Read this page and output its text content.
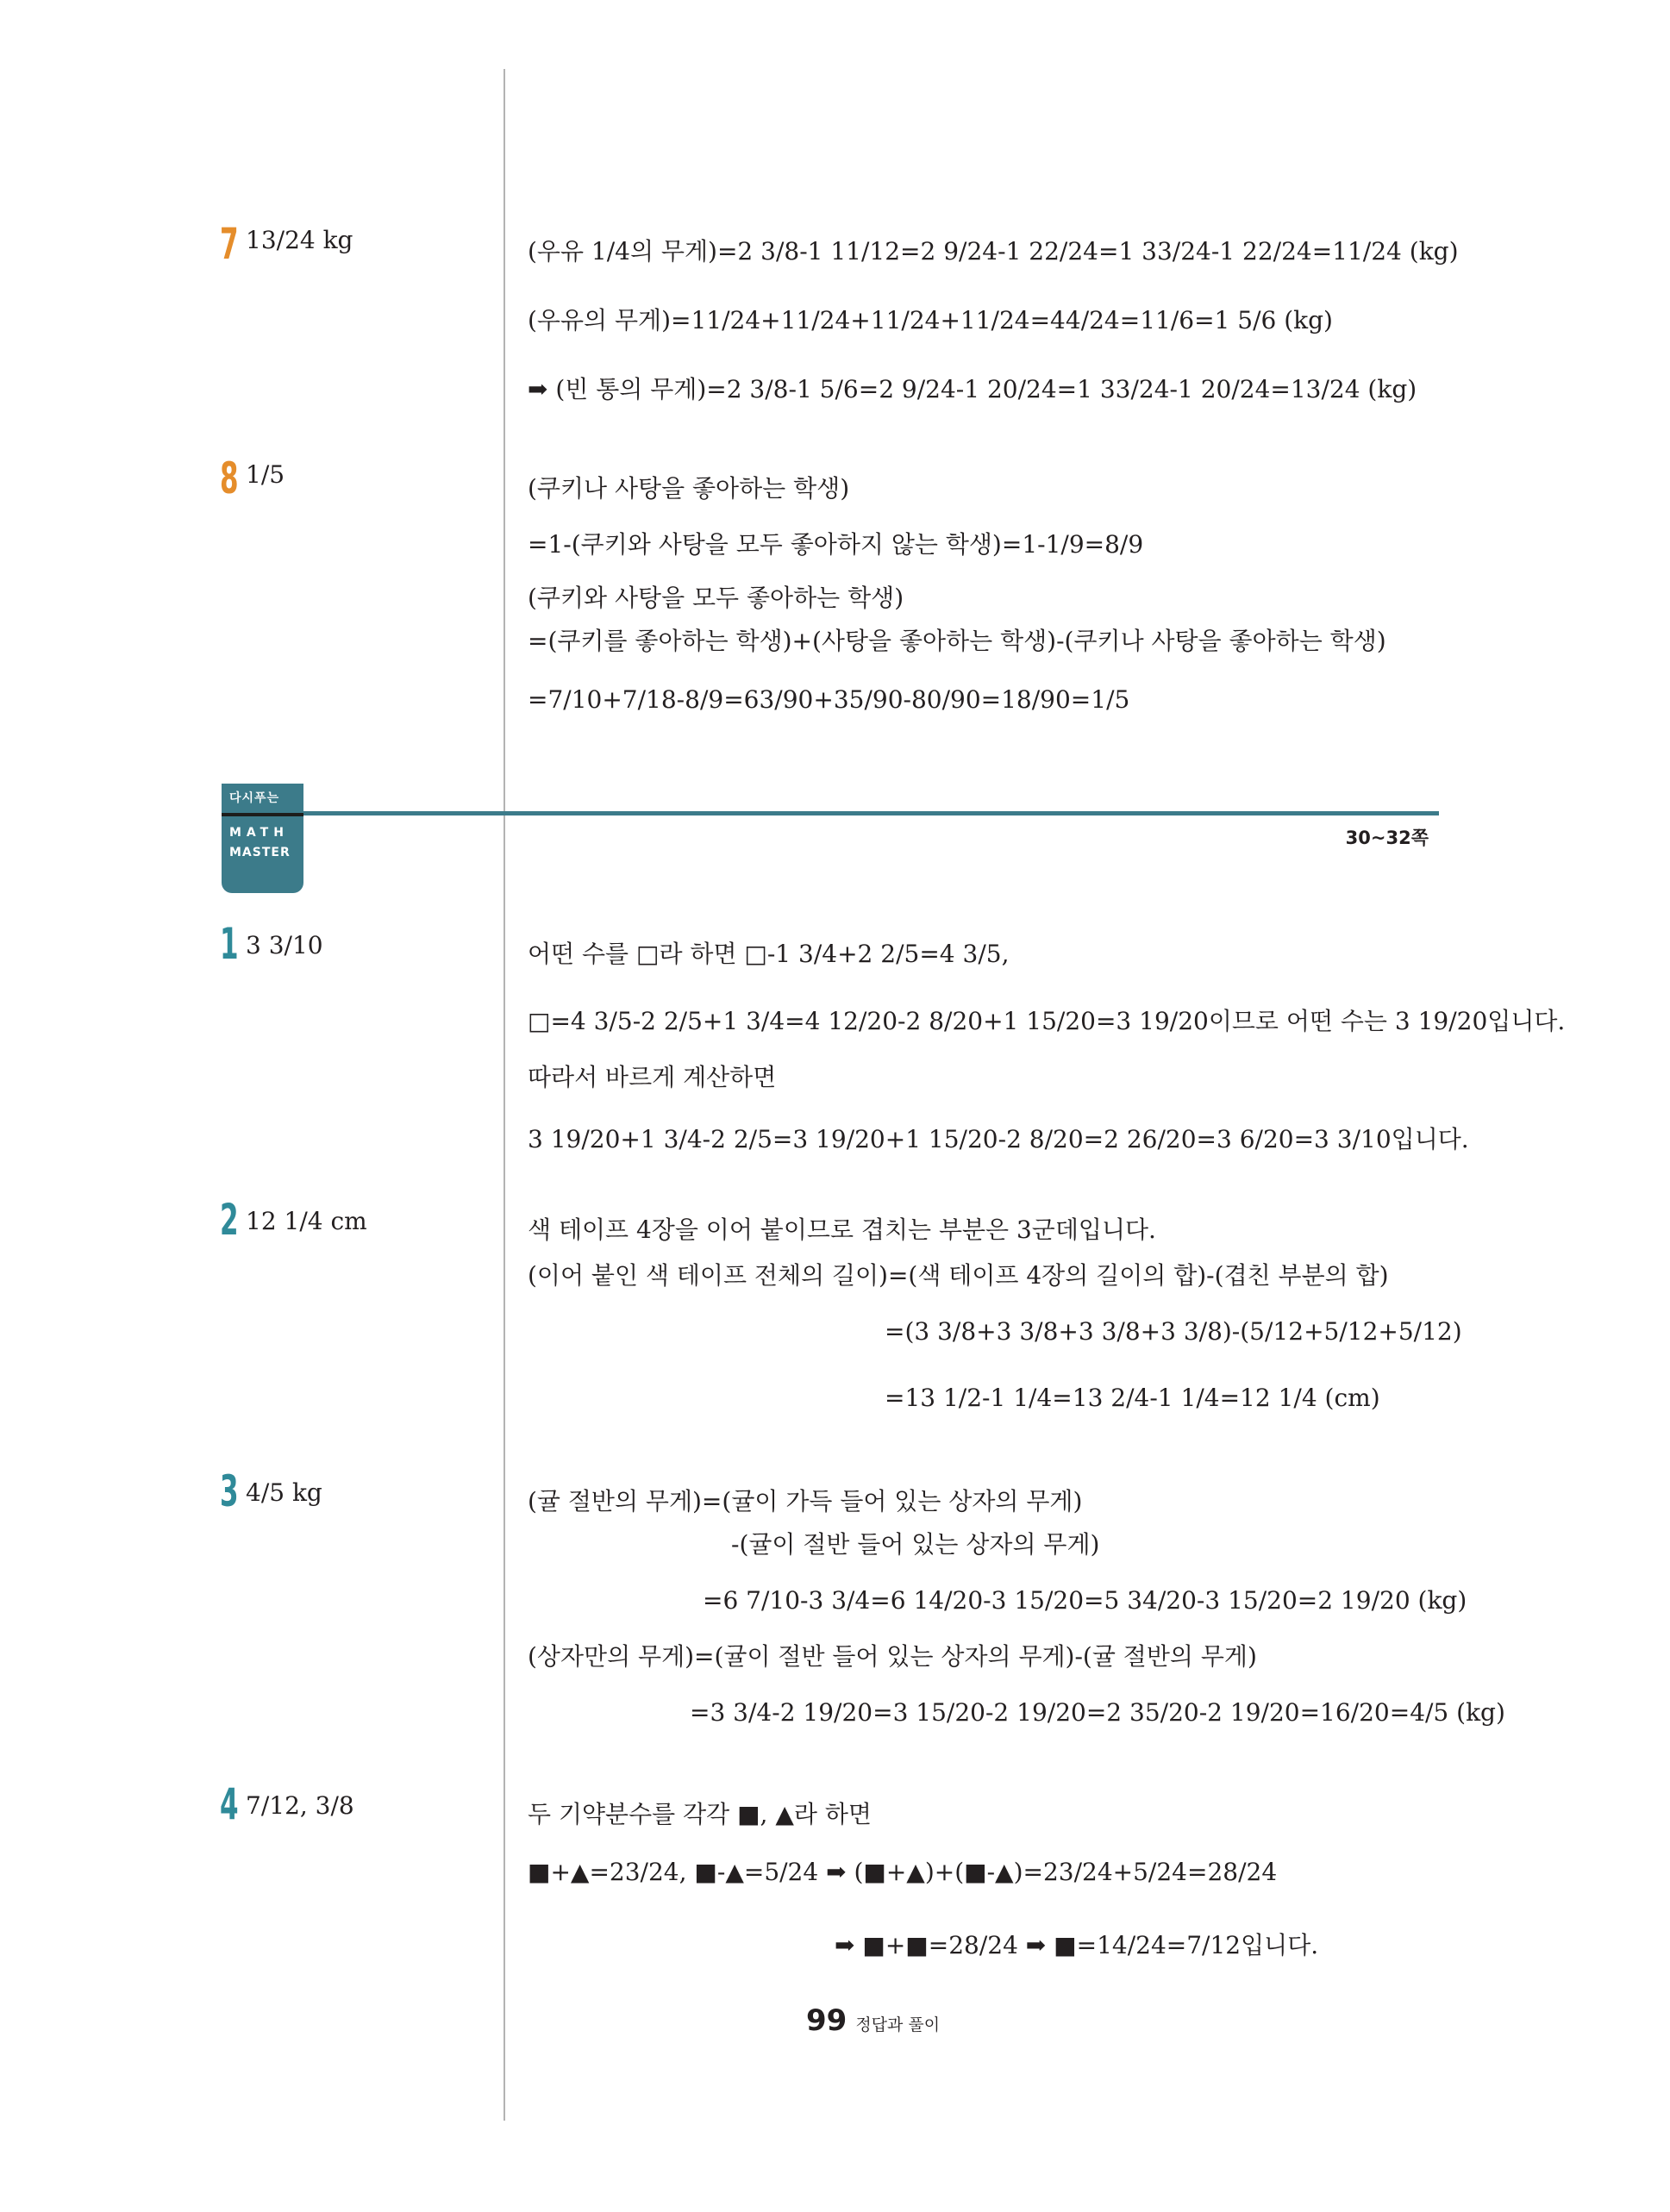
7 13/24 kg	(우유 1/4의 무게)=2 3/8-1 11/12=2 9/24-1 22/24=1 33/24-1 22/24=11/24 (kg)
(우유의 무게)=11/24+11/24+11/24+11/24=44/24=11/6=1 5/6 (kg)
➡ (빈 통의 무게)=2 3/8-1 5/6=2 9/24-1 20/24=1 33/24-1 20/24=13/24 (kg)
8 1/5	(쿠키나 사탕을 좋아하는 학생)
=1-(쿠키와 사탕을 모두 좋아하지 않는 학생)=1-1/9=8/9
(쿠키와 사탕을 모두 좋아하는 학생)
=(쿠키를 좋아하는 학생)+(사탕을 좋아하는 학생)-(쿠키나 사탕을 좋아하는 학생)
=7/10+7/18-8/9=63/90+35/90-80/90=18/90=1/5
다시푸는
MATH
MASTER
30~32쪽
1 3 3/10	어떤 수를 □라 하면 □-1 3/4+2 2/5=4 3/5,
□=4 3/5-2 2/5+1 3/4=4 12/20-2 8/20+1 15/20=3 19/20이므로 어떤 수는 3 19/20입니다.
따라서 바르게 계산하면
3 19/20+1 3/4-2 2/5=3 19/20+1 15/20-2 8/20=2 26/20=3 6/20=3 3/10입니다.
2 12 1/4 cm	색 테이프 4장을 이어 붙이므로 겹치는 부분은 3군데입니다.
(이어 붙인 색 테이프 전체의 길이)=(색 테이프 4장의 길이의 합)-(겹친 부분의 합)
=(3 3/8+3 3/8+3 3/8+3 3/8)-(5/12+5/12+5/12)
=13 1/2-1 1/4=13 2/4-1 1/4=12 1/4 (cm)
3 4/5 kg	(귤 절반의 무게)=(귤이 가득 들어 있는 상자의 무게)
-(귤이 절반 들어 있는 상자의 무게)
=6 7/10-3 3/4=6 14/20-3 15/20=5 34/20-3 15/20=2 19/20 (kg)
(상자만의 무게)=(귤이 절반 들어 있는 상자의 무게)-(귤 절반의 무게)
=3 3/4-2 19/20=3 15/20-2 19/20=2 35/20-2 19/20=16/20=4/5 (kg)
4 7/12, 3/8	두 기약분수를 각각 ■, ▲라 하면
■+▲=23/24, ■-▲=5/24 ➡ (■+▲)+(■-▲)=23/24+5/24=28/24
➡ ■+■=28/24 ➡ ■=14/24=7/12입니다.
99 정답과 풀이
